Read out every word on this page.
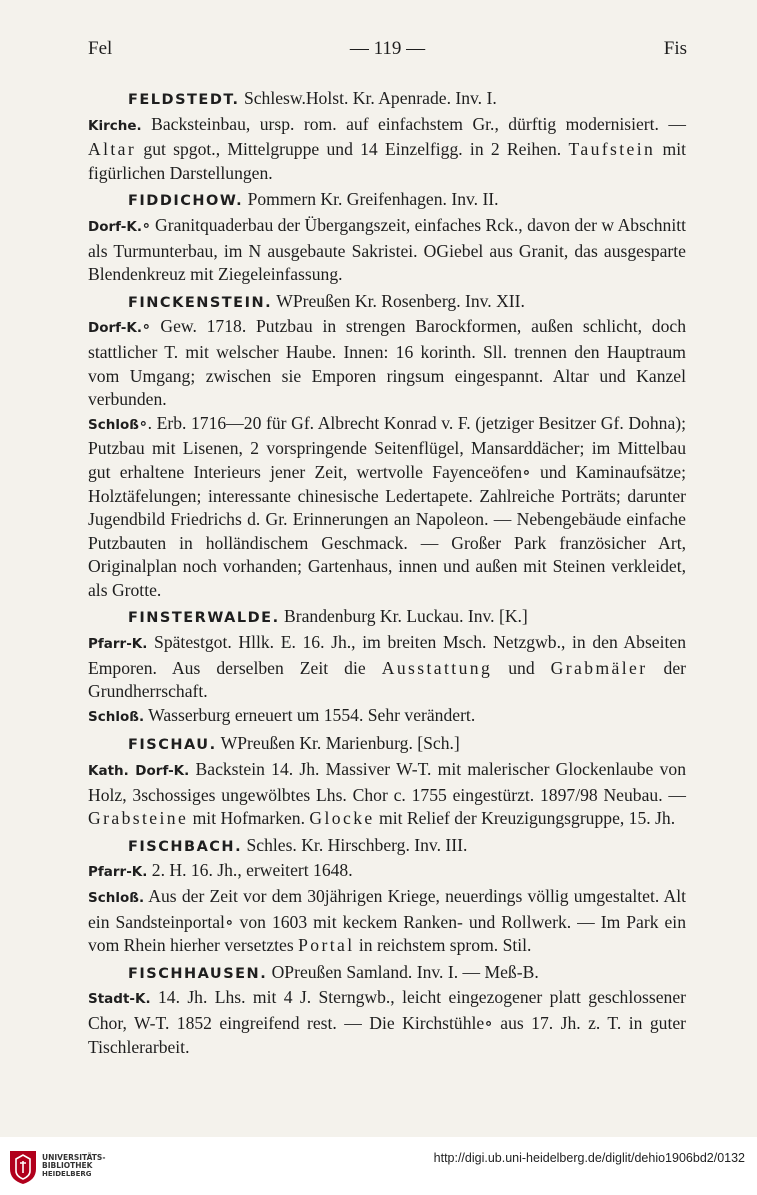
Fel	— 119 —	Fis

FELDSTEDT. Schlesw.Holst. Kr. Apenrade. Inv. I.

Kirche. Backsteinbau, ursp. rom. auf einfachstem Gr., dürftig modernisiert. — Altar gut spgot., Mittelgruppe und 14 Einzelfigg. in 2 Reihen. Taufstein mit figürlichen Darstellungen.

FIDDICHOW. Pommern Kr. Greifenhagen. Inv. II.

Dorf-K.∘ Granitquaderbau der Übergangszeit, einfaches Rck., davon der w Abschnitt als Turmunterbau, im N ausgebaute Sakristei. OGiebel aus Granit, das ausgesparte Blendenkreuz mit Ziegeleinfassung.

FINCKENSTEIN. WPreußen Kr. Rosenberg. Inv. XII.

Dorf-K.∘ Gew. 1718. Putzbau in strengen Barockformen, außen schlicht, doch stattlicher T. mit welscher Haube. Innen: 16 korinth. Sll. trennen den Hauptraum vom Umgang; zwischen sie Emporen ringsum eingespannt. Altar und Kanzel verbunden.

Schloß∘. Erb. 1716—20 für Gf. Albrecht Konrad v. F. (jetziger Besitzer Gf. Dohna); Putzbau mit Lisenen, 2 vorspringende Seitenflügel, Mansarddächer; im Mittelbau gut erhaltene Interieurs jener Zeit, wertvolle Fayenceöfen∘ und Kaminaufsätze; Holztäfelungen; interessante chinesische Ledertapete. Zahlreiche Porträts; darunter Jugendbild Friedrichs d. Gr. Erinnerungen an Napoleon. — Nebengebäude einfache Putzbauten in holländischem Geschmack. — Großer Park französicher Art, Originalplan noch vorhanden; Gartenhaus, innen und außen mit Steinen verkleidet, als Grotte.

FINSTERWALDE. Brandenburg Kr. Luckau. Inv. [K.]

Pfarr-K. Spätestgot. Hllk. E. 16. Jh., im breiten Msch. Netzgwb., in den Abseiten Emporen. Aus derselben Zeit die Ausstattung und Grabmäler der Grundherrschaft.

Schloß. Wasserburg erneuert um 1554. Sehr verändert.

FISCHAU. WPreußen Kr. Marienburg. [Sch.]

Kath. Dorf-K. Backstein 14. Jh. Massiver W-T. mit malerischer Glockenlaube von Holz, 3schossiges ungewölbtes Lhs. Chor c. 1755 eingestürzt. 1897/98 Neubau. — Grabsteine mit Hofmarken. Glocke mit Relief der Kreuzigungsgruppe, 15. Jh.

FISCHBACH. Schles. Kr. Hirschberg. Inv. III.

Pfarr-K. 2. H. 16. Jh., erweitert 1648.

Schloß. Aus der Zeit vor dem 30jährigen Kriege, neuerdings völlig umgestaltet. Alt ein Sandsteinportal∘ von 1603 mit keckem Ranken- und Rollwerk. — Im Park ein vom Rhein hierher versetztes Portal in reichstem sprom. Stil.

FISCHHAUSEN. OPreußen Samland. Inv. I. — Meß-B.

Stadt-K. 14. Jh. Lhs. mit 4 J. Sterngwb., leicht eingezogener platt geschlossener Chor, W-T. 1852 eingreifend rest. — Die Kirchstühle∘ aus 17. Jh. z. T. in guter Tischlerarbeit.

UNIVERSITÄTS-
BIBLIOTHEK
HEIDELBERG
http://digi.ub.uni-heidelberg.de/diglit/dehio1906bd2/0132
